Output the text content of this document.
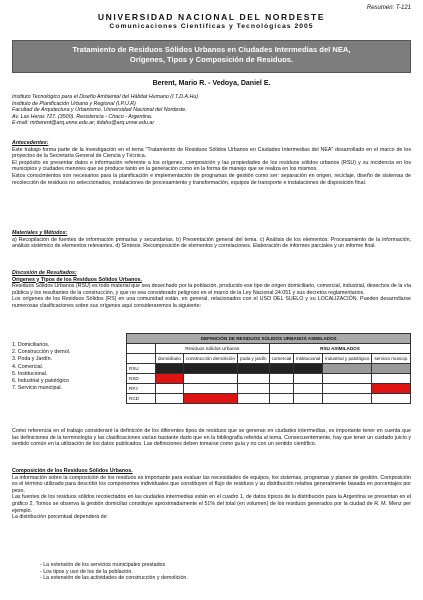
Resumen: T-121
UNIVERSIDAD NACIONAL DEL NORDESTE
Comunicaciones Científicas y Tecnológicas 2005
Tratamiento de Residuos Sólidos Urbanos en Ciudades Intermedias del NEA,
Orígenes, Tipos y Composición de Residuos.
Berent, Mario R. - Vedoya, Daniel E.
Instituto Tecnológico para el Diseño Ambiental del Hábitat Humano (I.T.D.A.Hu)
Instituto de Planificación Urbana y Regional (I.P.U.R)
Facultad de Arquitectura y Urbanismo. Universidad Nacional del Nordeste.
Av. Las Heras 727. (3500). Resistencia - Chaco - Argentina.
E-mail: mrberent@arq.unne.edu.ar; itdahu@arq.unne.edu.ar
Antecedentes:
Este trabajo forma parte de la investigación en el tema "Tratamiento de Residuos Sólidos Urbanos en Ciudades Intermedias del NEA" desarrollado en el marco de los proyectos de la Secretaría General de Ciencia y Técnica.
El propósito es presentar datos e información referente a los orígenes, composición y las propiedades de los residuos sólidos urbanos (RSU) y su incidencia en los municipios y ciudades menores que se produce tanto en la generación como en la forma de manejo que se realiza en los mismos.
Estos conocimientos son necesarios para la planificación e implementación de programas de gestión como ser: separación en origen, reciclaje, diseño de sistemas de recolección de residuos no seleccionados, instalaciones de procesamiento y transformación, equipos de transporte e instalaciones de disposición final.
Materiales y Métodos:
a) Recopilación de fuentes de información primarias y secundarias. b) Presentación general del tema. c) Análisis de los elementos. Procesamiento de la información, análisis sistémico de elementos relevantes. d) Síntesis. Recomposición de elementos y correlaciones. Elaboración de informes parciales y un informe final.
Discusión de Resultados:
Orígenes y Tipos de los Residuos Sólidos Urbanos.
Residuos Sólidos Urbanos (RSU) es todo material que sea desechado por la población, producido ese tipo de origen domiciliario, comercial, industrial, desechos de la vía pública y los resultantes de la construcción, y que no sea considerado peligroso en el marco de la Ley Nacional 24.051 y sus decretos reglamentarios.
Los orígenes de los Residuos Sólidos (RS) en una comunidad están, en general, relacionados con el USO DEL SUELO y su LOCALIZACIÓN. Pueden desarrollarse numerosas clasificaciones sobre sus orígenes aquí consideraremos la siguiente:
1. Domiciliarios.
2. Construcción y demol.
3. Poda y Jardín.
4. Comercial.
5. Institucional.
6. Industrial y patológico
7. Servicio municipal.
DEFINICIÓN DE RESIDUOS SÓLIDOS URBANOS ASIMILADOS							
	Residuos Sólidos Urbanos			RSU ASIMILADOS			
	domiciliario	construcción demolición	poda y jardín	comercial	institucional	industrial y patológico	servicio municip.
RSU							
RSD							
RPJ							
RCD							
Como referencia en el trabajo consideraré la definición de los diferentes tipos de residuos que se generan en ciudades intermedias, es importante tener en cuenta que las definiciones de la terminología y las clasificaciones varían bastante dado que en la bibliografía referida al tema. Consecuentemente, hay que tener un cuidado juicio y sentido común en la utilización de los datos publicados. Las definiciones deben tomarse como guía y no con un sentido científico.
Composición de los Residuos Sólidos Urbanos.
La información sobre la composición de los residuos es importante para evaluar las necesidades de equipos, los sistemas, programas y planes de gestión. Composición es el término utilizado para describir los componentes individuales que constituyen el flujo de residuos y su distribución relativa generalmente basada en porcentajes por peso.
Las fuentes de los residuos sólidos recolectados en las ciudades intermedias están en el cuadro 1, de datos típicos de la distribución para la Argentina se presentan en el gráfico 2. Tomos se observa la gestión domiciliar constituye aproximadamente el 51% del total (en volumen) de los residuos generados por la ciudad de R. M. Menz per ejemplo.
La distribución porcentual dependerá de:
- La extensión de los servicios municipales prestados
- Los tipos y uso de los de la población.
- La extensión de las actividades de construcción y demolición.
